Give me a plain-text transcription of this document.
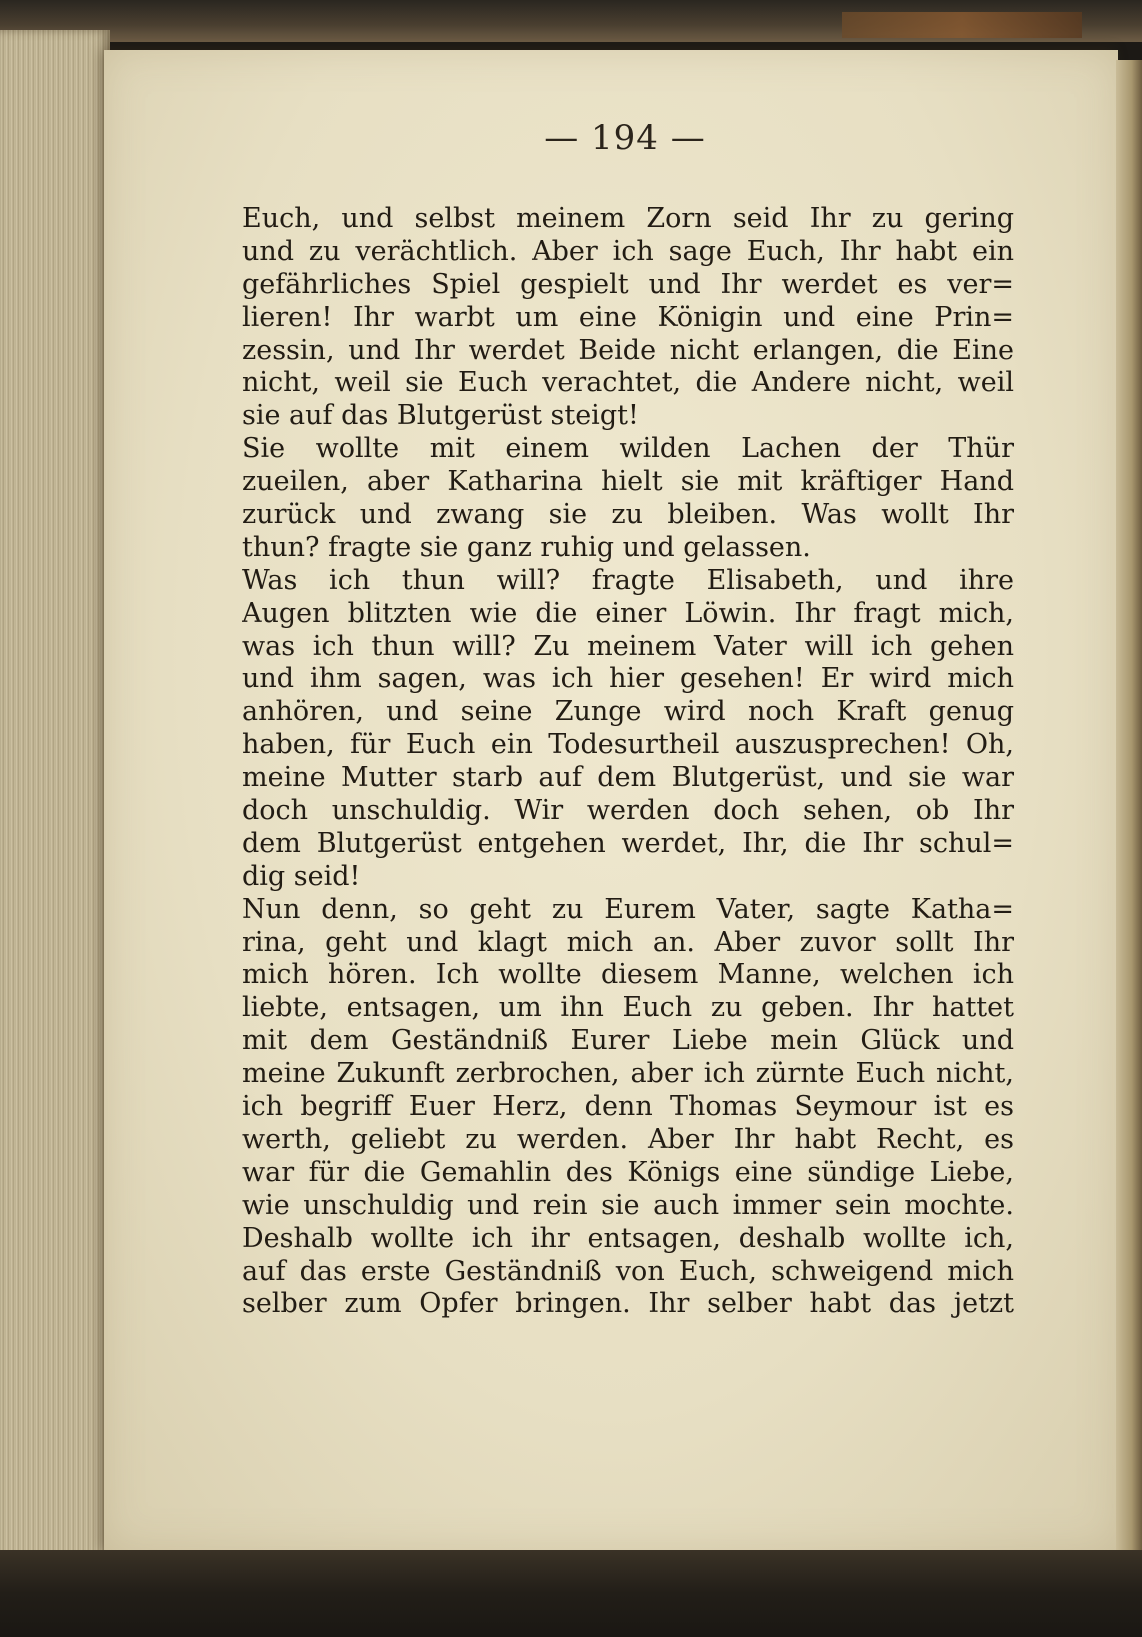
— 194 —
Euch, und selbst meinem Zorn seid Ihr zu gering
und zu verächtlich. Aber ich sage Euch, Ihr habt ein
gefährliches Spiel gespielt und Ihr werdet es ver=
lieren! Ihr warbt um eine Königin und eine Prin=
zessin, und Ihr werdet Beide nicht erlangen, die Eine
nicht, weil sie Euch verachtet, die Andere nicht, weil
sie auf das Blutgerüst steigt!
Sie wollte mit einem wilden Lachen der Thür
zueilen, aber Katharina hielt sie mit kräftiger Hand
zurück und zwang sie zu bleiben. Was wollt Ihr
thun? fragte sie ganz ruhig und gelassen.
Was ich thun will? fragte Elisabeth, und ihre
Augen blitzten wie die einer Löwin. Ihr fragt mich,
was ich thun will? Zu meinem Vater will ich gehen
und ihm sagen, was ich hier gesehen! Er wird mich
anhören, und seine Zunge wird noch Kraft genug
haben, für Euch ein Todesurtheil auszusprechen! Oh,
meine Mutter starb auf dem Blutgerüst, und sie war
doch unschuldig. Wir werden doch sehen, ob Ihr
dem Blutgerüst entgehen werdet, Ihr, die Ihr schul=
dig seid!
Nun denn, so geht zu Eurem Vater, sagte Katha=
rina, geht und klagt mich an. Aber zuvor sollt Ihr
mich hören. Ich wollte diesem Manne, welchen ich
liebte, entsagen, um ihn Euch zu geben. Ihr hattet
mit dem Geständniß Eurer Liebe mein Glück und
meine Zukunft zerbrochen, aber ich zürnte Euch nicht,
ich begriff Euer Herz, denn Thomas Seymour ist es
werth, geliebt zu werden. Aber Ihr habt Recht, es
war für die Gemahlin des Königs eine sündige Liebe,
wie unschuldig und rein sie auch immer sein mochte.
Deshalb wollte ich ihr entsagen, deshalb wollte ich,
auf das erste Geständniß von Euch, schweigend mich
selber zum Opfer bringen. Ihr selber habt das jetzt
